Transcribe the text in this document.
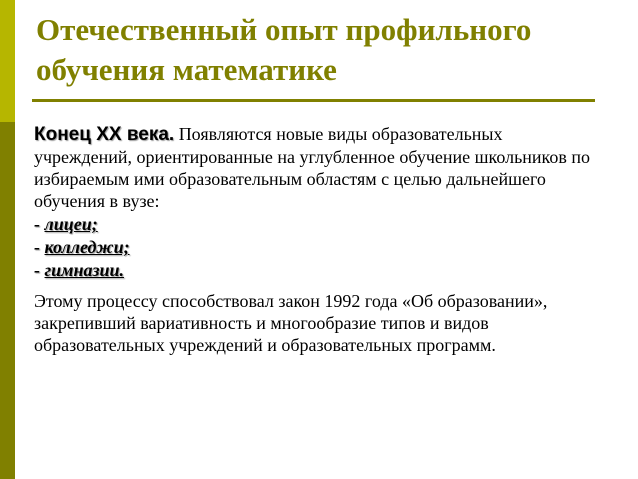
Отечественный опыт профильного обучения математике

Конец XX века. Появляются новые виды образовательных учреждений, ориентированные на углубленное обучение школьников по избираемым ими образовательным областям с целью дальнейшего обучения в вузе:

- лицеи;
- колледжи;
- гимназии.

Этому процессу способствовал закон 1992 года «Об образовании», закрепивший вариативность и многообразие типов и видов образовательных учреждений и образовательных программ.
